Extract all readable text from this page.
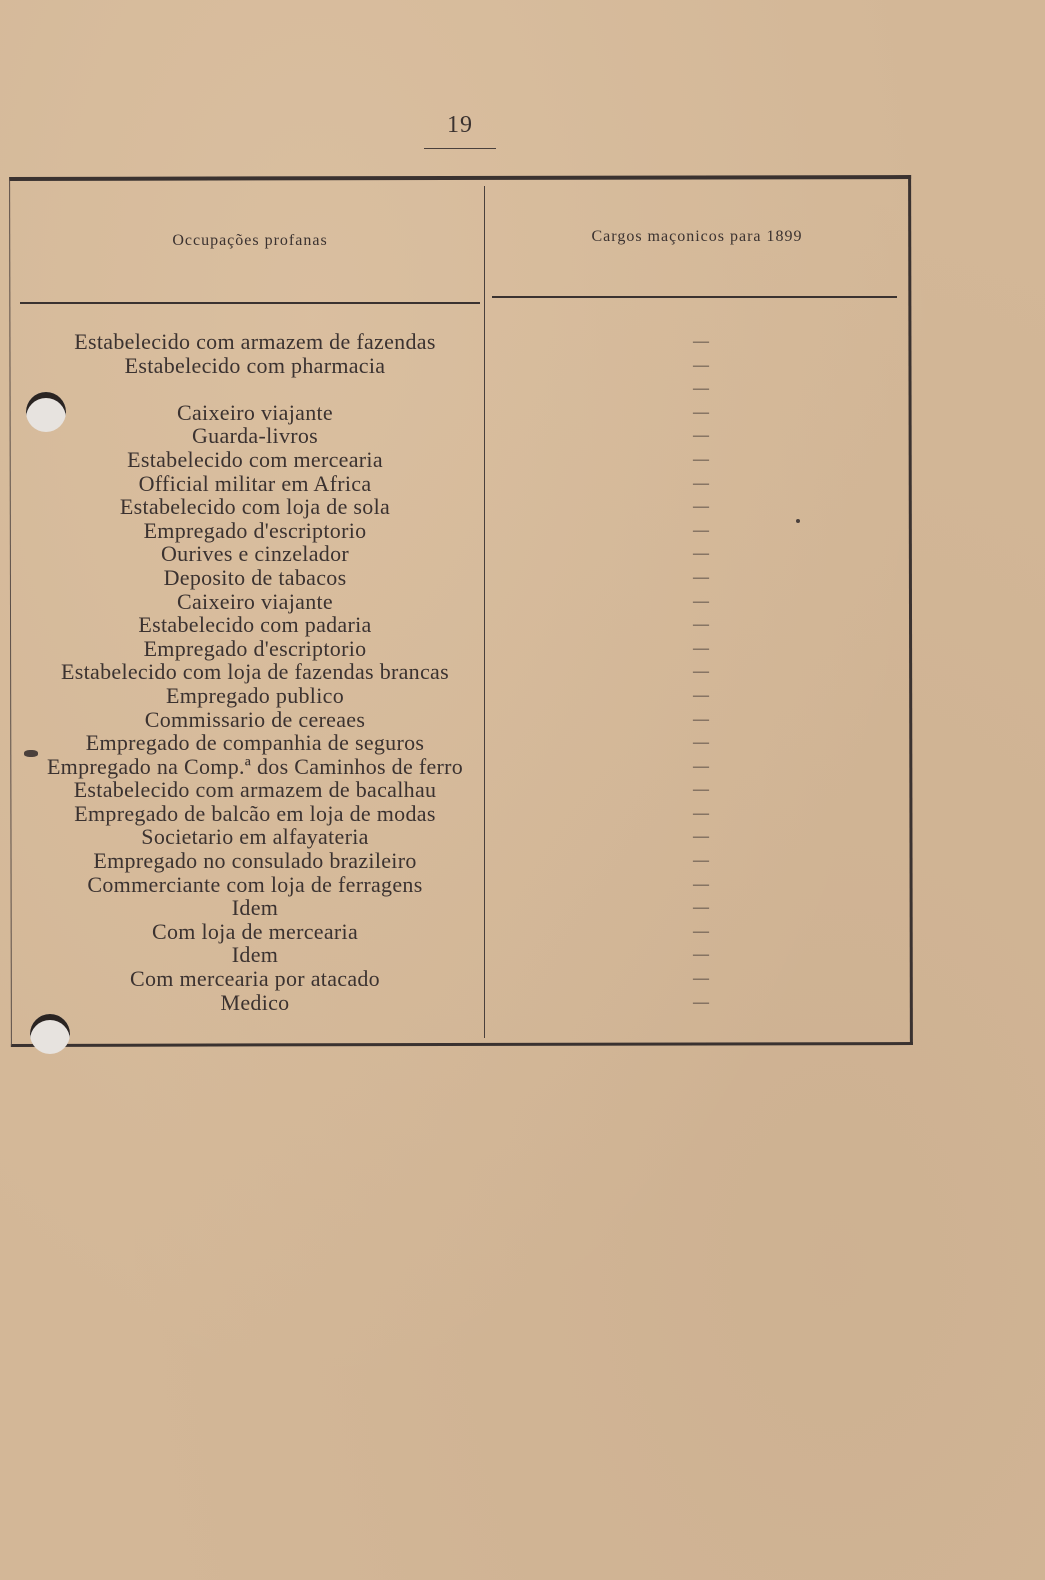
19
Occupações profanas	Cargos maçonicos para 1899
Estabelecido com armazem de fazendas
Estabelecido com pharmacia
Caixeiro viajante
Guarda-livros
Estabelecido com mercearia
Official militar em Africa
Estabelecido com loja de sola
Empregado d'escriptorio
Ourives e cinzelador
Deposito de tabacos
Caixeiro viajante
Estabelecido com padaria
Empregado d'escriptorio
Estabelecido com loja de fazendas brancas
Empregado publico
Commissario de cereaes
Empregado de companhia de seguros
Empregado na Comp.ª dos Caminhos de ferro
Estabelecido com armazem de bacalhau
Empregado de balcão em loja de modas
Societario em alfayateria
Empregado no consulado brazileiro
Commerciante com loja de ferragens
Idem
Com loja de mercearia
Idem
Com mercearia por atacado
Medico
—
—
—
—
—
—
—
—
—
—
—
—
—
—
—
—
—
—
—
—
—
—
—
—
—
—
—
—
—
